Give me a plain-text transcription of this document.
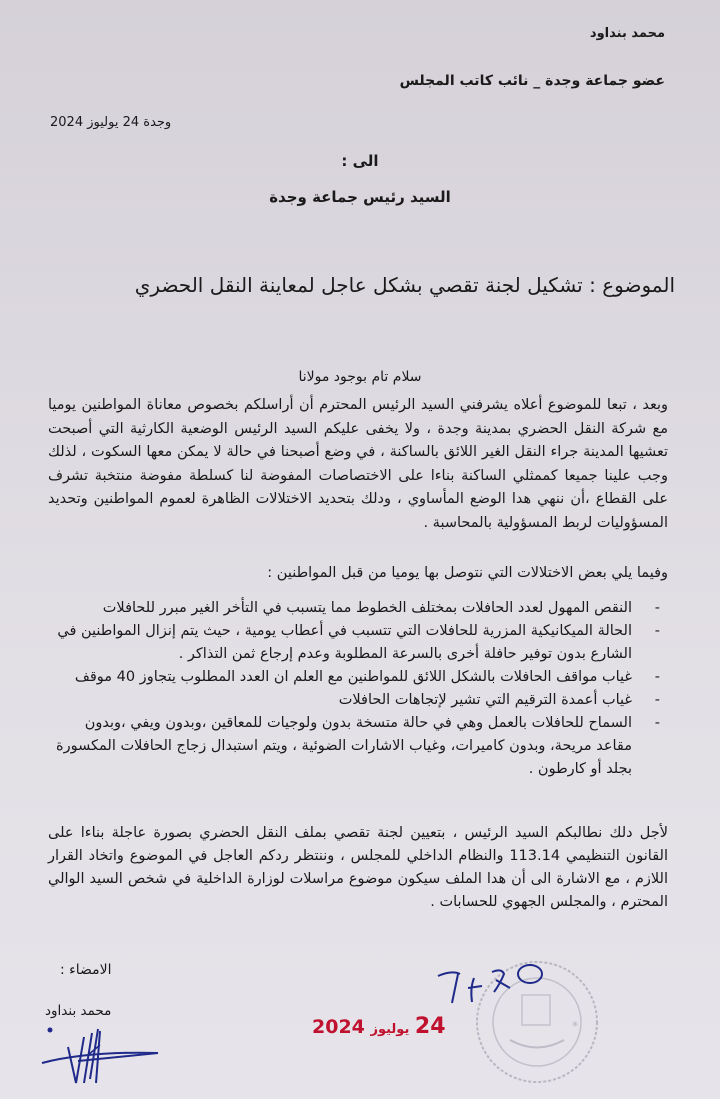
محمد بنداود
عضو جماعة وجدة _ نائب كاتب المجلس
وجدة 24 يوليوز 2024
الى :
السيد رئيس جماعة وجدة
الموضوع : تشكيل لجنة تقصي بشكل عاجل لمعاينة النقل الحضري
سلام تام بوجود مولانا
وبعد ، تبعا للموضوع أعلاه يشرفني السيد الرئيس المحترم أن أراسلكم بخصوص معاناة المواطنين يوميا مع شركة النقل الحضري بمدينة وجدة ، ولا يخفى عليكم السيد الرئيس الوضعية الكارثية التي أصبحت تعشيها المدينة جراء النقل الغير اللائق بالساكنة ، في وضع أصبحنا في حالة لا يمكن معها السكوت ، لذلك وجب علينا جميعا كممثلي الساكنة بناءا على الاختصاصات المفوضة لنا كسلطة مفوضة منتخبة تشرف على القطاع ،أن ننهي هدا الوضع المأساوي ، ودلك بتحديد الاختلالات الظاهرة لعموم المواطنين وتحديد المسؤوليات لربط المسؤولية بالمحاسبة .
وفيما يلي بعض الاختلالات التي نتوصل بها يوميا من قبل المواطنين :
-
النقص المهول لعدد الحافلات بمختلف الخطوط مما يتسبب في التأخر الغير مبرر للحافلات
-
الحالة الميكانيكية المزرية للحافلات التي تتسبب في أعطاب يومية ، حيث يتم إنزال المواطنين في الشارع بدون توفير حافلة أخرى بالسرعة المطلوبة وعدم إرجاع ثمن التذاكر .
-
غياب مواقف الحافلات بالشكل اللائق للمواطنين مع العلم ان العدد المطلوب يتجاوز 40 موقف
-
غياب أعمدة الترقيم التي تشير لإتجاهات الحافلات
-
السماح للحافلات بالعمل وهي في حالة متسخة بدون ولوجيات للمعاقين ،وبدون ويفي ،وبدون مقاعد مريحة، وبدون كاميرات، وغياب الاشارات الضوئية ، ويتم استبدال زجاج الحافلات المكسورة بجلد أو كارطون .
لأجل دلك نطالبكم السيد الرئيس ، بتعيين لجنة تقصي بملف النقل الحضري بصورة عاجلة بناءا على القانون التنظيمي 113.14 والنظام الداخلي للمجلس ، وننتظر ردكم العاجل في الموضوع واتخاد القرار اللازم ، مع الاشارة الى أن هدا الملف سيكون موضوع مراسلات لوزارة الداخلية في شخص السيد الوالي المحترم ، والمجلس الجهوي للحسابات .
الامضاء :
محمد بنداود
24 يوليوز 2024	*
